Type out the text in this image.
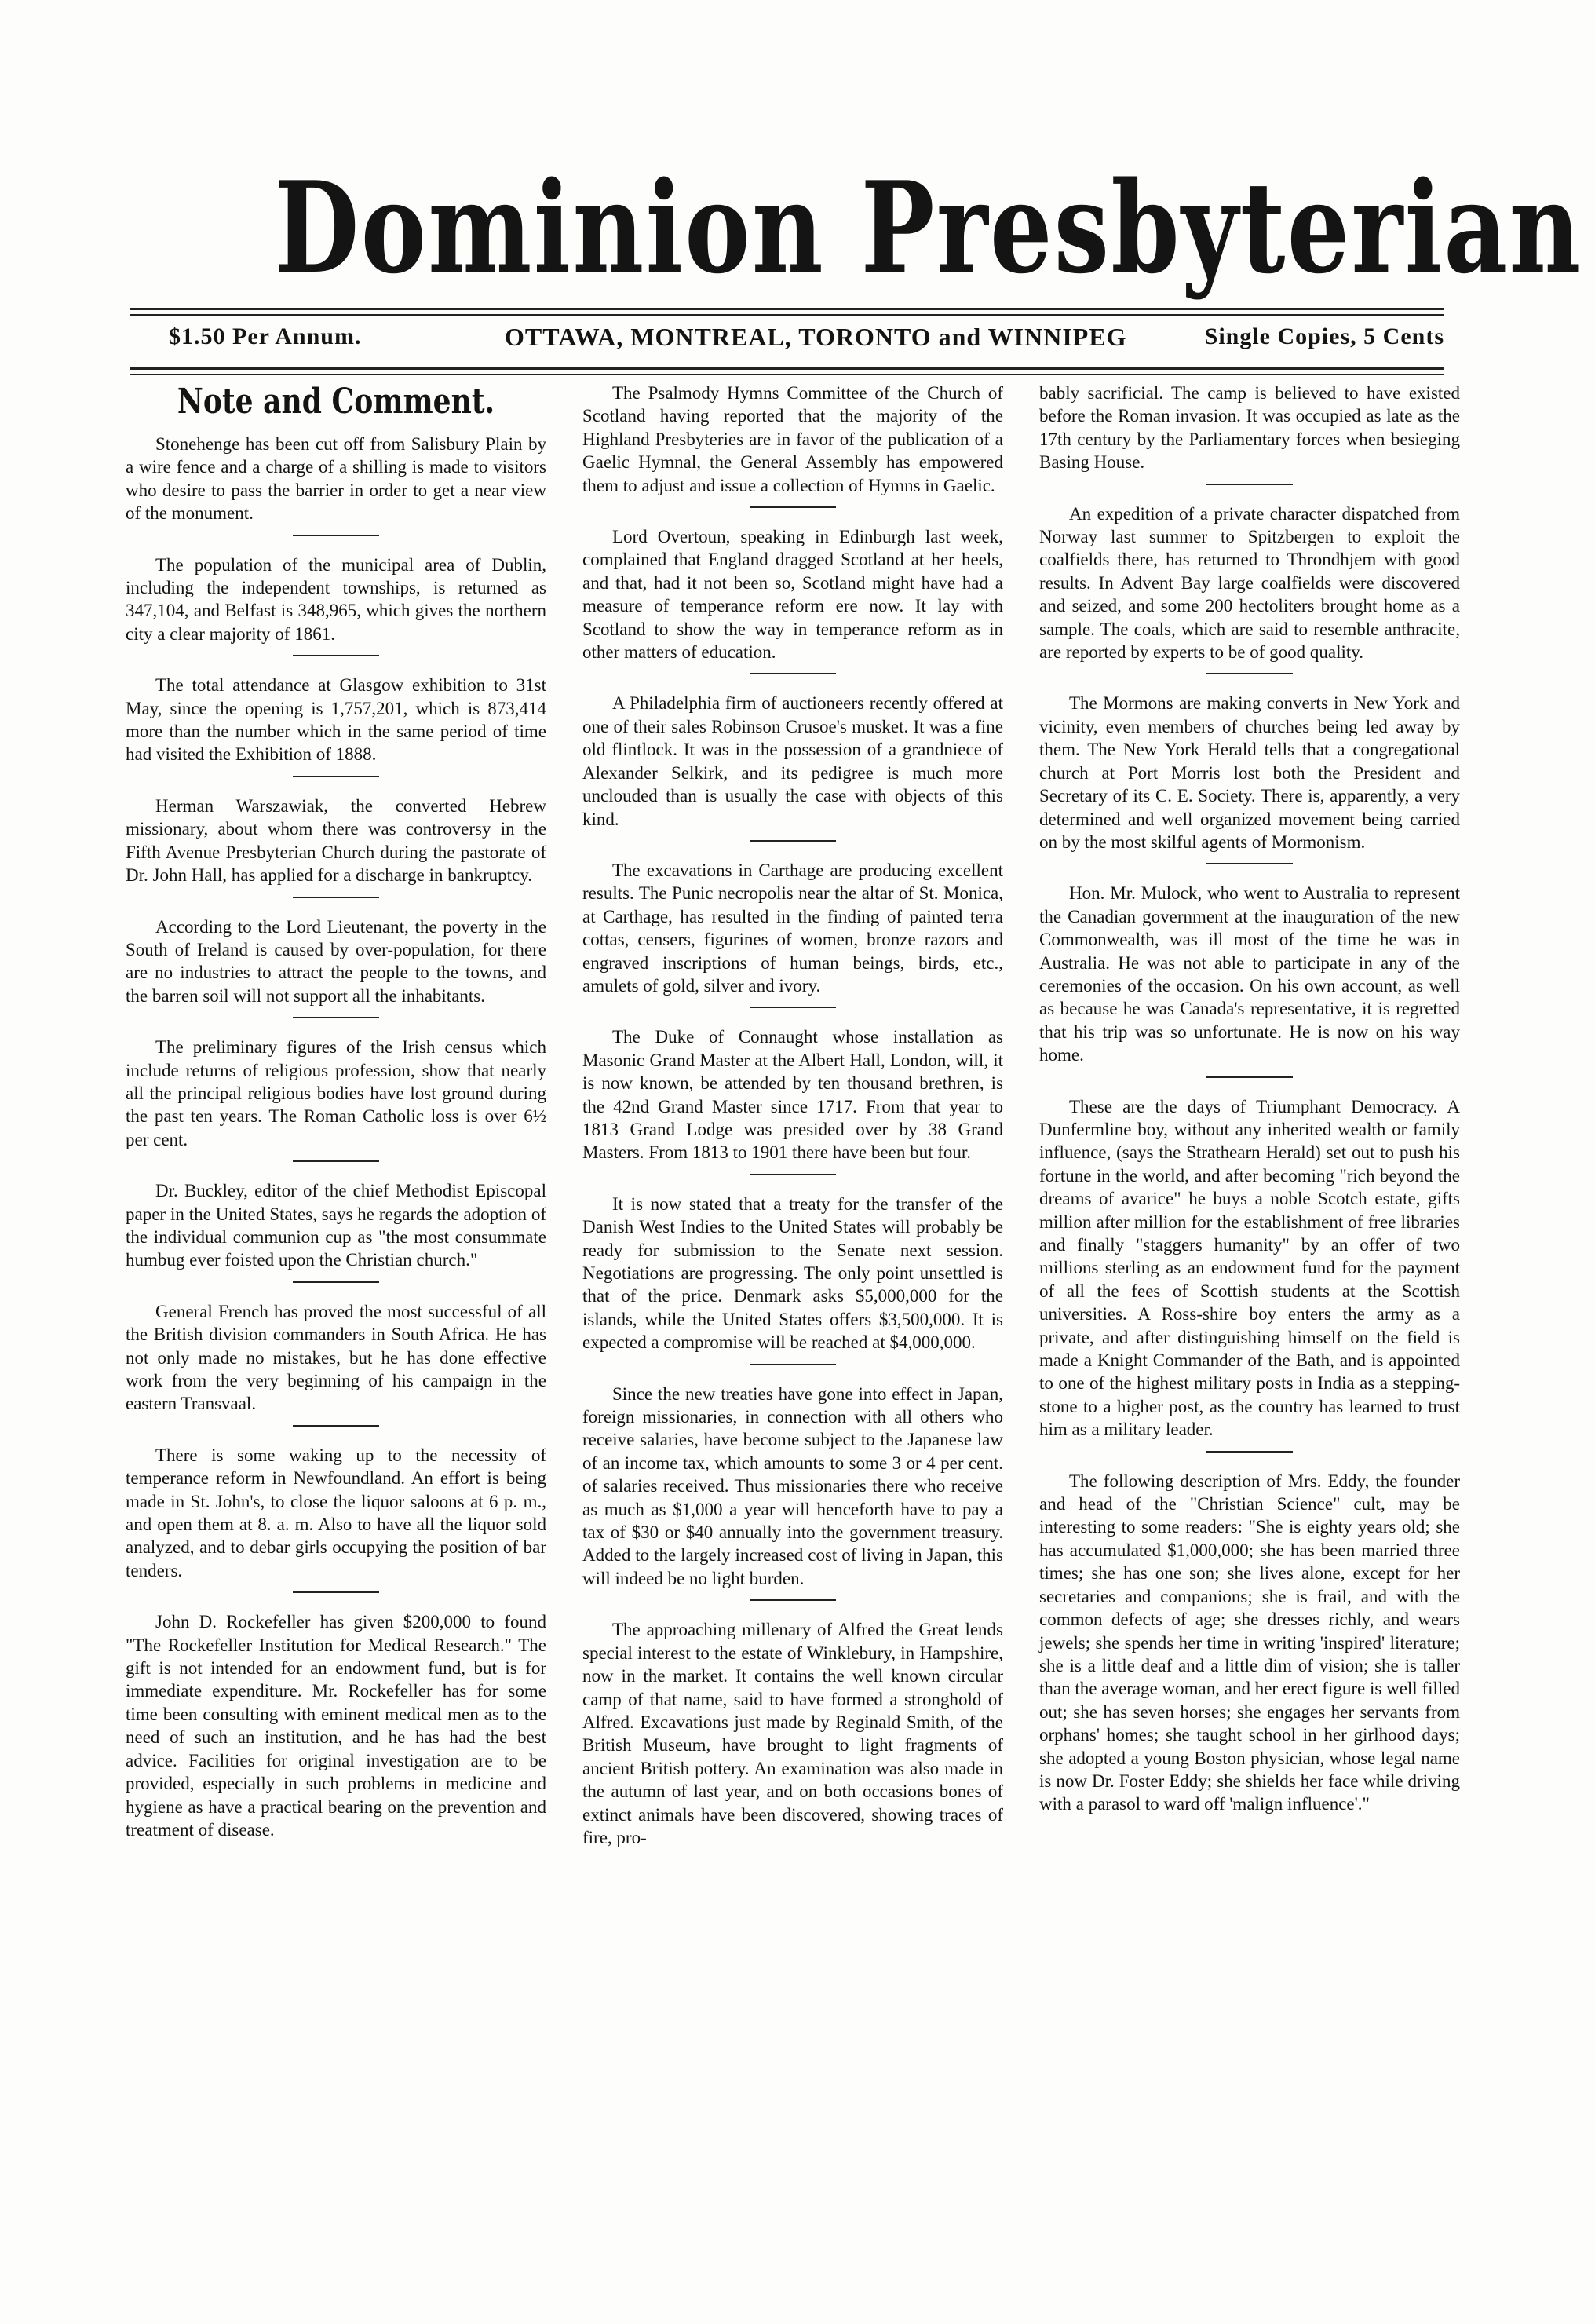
Dominion Presbyterian
$1.50 Per Annum.	OTTAWA, MONTREAL, TORONTO and WINNIPEG	Single Copies, 5 Cents
Note and Comment.

Stonehenge has been cut off from Salisbury Plain by a wire fence and a charge of a shilling is made to visitors who desire to pass the barrier in order to get a near view of the monument.

The population of the municipal area of Dublin, including the independent townships, is returned as 347,104, and Belfast is 348,965, which gives the northern city a clear majority of 1861.

The total attendance at Glasgow exhibition to 31st May, since the opening is 1,757,201, which is 873,414 more than the number which in the same period of time had visited the Exhibition of 1888.

Herman Warszawiak, the converted Hebrew missionary, about whom there was controversy in the Fifth Avenue Presbyterian Church during the pastorate of Dr. John Hall, has applied for a discharge in bankruptcy.

According to the Lord Lieutenant, the poverty in the South of Ireland is caused by over-population, for there are no industries to attract the people to the towns, and the barren soil will not support all the inhabitants.

The preliminary figures of the Irish census which include returns of religious profession, show that nearly all the principal religious bodies have lost ground during the past ten years. The Roman Catholic loss is over 6½ per cent.

Dr. Buckley, editor of the chief Methodist Episcopal paper in the United States, says he regards the adoption of the individual communion cup as "the most consummate humbug ever foisted upon the Christian church."

General French has proved the most successful of all the British division commanders in South Africa. He has not only made no mistakes, but he has done effective work from the very beginning of his campaign in the eastern Transvaal.

There is some waking up to the necessity of temperance reform in Newfoundland. An effort is being made in St. John's, to close the liquor saloons at 6 p. m., and open them at 8. a. m. Also to have all the liquor sold analyzed, and to debar girls occupying the position of bar tenders.

John D. Rockefeller has given $200,000 to found "The Rockefeller Institution for Medical Research." The gift is not intended for an endowment fund, but is for immediate expenditure. Mr. Rockefeller has for some time been consulting with eminent medical men as to the need of such an institution, and he has had the best advice. Facilities for original investigation are to be provided, especially in such problems in medicine and hygiene as have a practical bearing on the prevention and treatment of disease.

The Psalmody Hymns Committee of the Church of Scotland having reported that the majority of the Highland Presbyteries are in favor of the publication of a Gaelic Hymnal, the General Assembly has empowered them to adjust and issue a collection of Hymns in Gaelic.

Lord Overtoun, speaking in Edinburgh last week, complained that England dragged Scotland at her heels, and that, had it not been so, Scotland might have had a measure of temperance reform ere now. It lay with Scotland to show the way in temperance reform as in other matters of education.

A Philadelphia firm of auctioneers recently offered at one of their sales Robinson Crusoe's musket. It was a fine old flintlock. It was in the possession of a grandniece of Alexander Selkirk, and its pedigree is much more unclouded than is usually the case with objects of this kind.

The excavations in Carthage are producing excellent results. The Punic necropolis near the altar of St. Monica, at Carthage, has resulted in the finding of painted terra cottas, censers, figurines of women, bronze razors and engraved inscriptions of human beings, birds, etc., amulets of gold, silver and ivory.

The Duke of Connaught whose installation as Masonic Grand Master at the Albert Hall, London, will, it is now known, be attended by ten thousand brethren, is the 42nd Grand Master since 1717. From that year to 1813 Grand Lodge was presided over by 38 Grand Masters. From 1813 to 1901 there have been but four.

It is now stated that a treaty for the transfer of the Danish West Indies to the United States will probably be ready for submission to the Senate next session. Negotiations are progressing. The only point unsettled is that of the price. Denmark asks $5,000,000 for the islands, while the United States offers $3,500,000. It is expected a compromise will be reached at $4,000,000.

Since the new treaties have gone into effect in Japan, foreign missionaries, in connection with all others who receive salaries, have become subject to the Japanese law of an income tax, which amounts to some 3 or 4 per cent. of salaries received. Thus missionaries there who receive as much as $1,000 a year will henceforth have to pay a tax of $30 or $40 annually into the government treasury. Added to the largely increased cost of living in Japan, this will indeed be no light burden.

The approaching millenary of Alfred the Great lends special interest to the estate of Winklebury, in Hampshire, now in the market. It contains the well known circular camp of that name, said to have formed a stronghold of Alfred. Excavations just made by Reginald Smith, of the British Museum, have brought to light fragments of ancient British pottery. An examination was also made in the autumn of last year, and on both occasions bones of extinct animals have been discovered, showing traces of fire, pro-

bably sacrificial. The camp is believed to have existed before the Roman invasion. It was occupied as late as the 17th century by the Parliamentary forces when besieging Basing House.

An expedition of a private character dispatched from Norway last summer to Spitzbergen to exploit the coalfields there, has returned to Throndhjem with good results. In Advent Bay large coalfields were discovered and seized, and some 200 hectoliters brought home as a sample. The coals, which are said to resemble anthracite, are reported by experts to be of good quality.

The Mormons are making converts in New York and vicinity, even members of churches being led away by them. The New York Herald tells that a congregational church at Port Morris lost both the President and Secretary of its C. E. Society. There is, apparently, a very determined and well organized movement being carried on by the most skilful agents of Mormonism.

Hon. Mr. Mulock, who went to Australia to represent the Canadian government at the inauguration of the new Commonwealth, was ill most of the time he was in Australia. He was not able to participate in any of the ceremonies of the occasion. On his own account, as well as because he was Canada's representative, it is regretted that his trip was so unfortunate. He is now on his way home.

These are the days of Triumphant Democracy. A Dunfermline boy, without any inherited wealth or family influence, (says the Strathearn Herald) set out to push his fortune in the world, and after becoming "rich beyond the dreams of avarice" he buys a noble Scotch estate, gifts million after million for the establishment of free libraries and finally "staggers humanity" by an offer of two millions sterling as an endowment fund for the payment of all the fees of Scottish students at the Scottish universities. A Ross-shire boy enters the army as a private, and after distinguishing himself on the field is made a Knight Commander of the Bath, and is appointed to one of the highest military posts in India as a stepping-stone to a higher post, as the country has learned to trust him as a military leader.

The following description of Mrs. Eddy, the founder and head of the "Christian Science" cult, may be interesting to some readers: "She is eighty years old; she has accumulated $1,000,000; she has been married three times; she has one son; she lives alone, except for her secretaries and companions; she is frail, and with the common defects of age; she dresses richly, and wears jewels; she spends her time in writing 'inspired' literature; she is a little deaf and a little dim of vision; she is taller than the average woman, and her erect figure is well filled out; she has seven horses; she engages her servants from orphans' homes; she taught school in her girlhood days; she adopted a young Boston physician, whose legal name is now Dr. Foster Eddy; she shields her face while driving with a parasol to ward off 'malign influence'."
